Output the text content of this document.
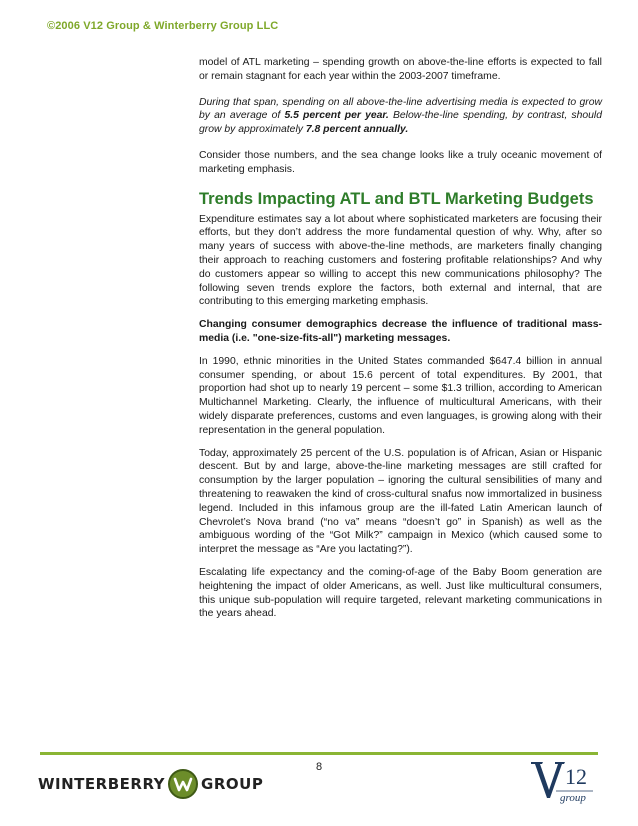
©2006 V12 Group & Winterberry Group LLC

model of ATL marketing – spending growth on above-the-line efforts is expected to fall or remain stagnant for each year within the 2003-2007 timeframe.

During that span, spending on all above-the-line advertising media is expected to grow by an average of 5.5 percent per year. Below-the-line spending, by contrast, should grow by approximately 7.8 percent annually.

Consider those numbers, and the sea change looks like a truly oceanic movement of marketing emphasis.

Trends Impacting ATL and BTL Marketing Budgets

Expenditure estimates say a lot about where sophisticated marketers are focusing their efforts, but they don’t address the more fundamental question of why. Why, after so many years of success with above-the-line methods, are marketers finally changing their approach to reaching customers and fostering profitable relationships? And why do customers appear so willing to accept this new communications philosophy? The following seven trends explore the factors, both external and internal, that are contributing to this emerging marketing emphasis.

Changing consumer demographics decrease the influence of traditional mass-media (i.e. "one-size-fits-all") marketing messages.

In 1990, ethnic minorities in the United States commanded $647.4 billion in annual consumer spending, or about 15.6 percent of total expenditures. By 2001, that proportion had shot up to nearly 19 percent – some $1.3 trillion, according to American Multichannel Marketing. Clearly, the influence of multicultural Americans, with their widely disparate preferences, customs and even languages, is growing along with their representation in the general population.

Today, approximately 25 percent of the U.S. population is of African, Asian or Hispanic descent. But by and large, above-the-line marketing messages are still crafted for consumption by the larger population – ignoring the cultural sensibilities of many and threatening to reawaken the kind of cross-cultural snafus now immortalized in business legend. Included in this infamous group are the ill-fated Latin American launch of Chevrolet’s Nova brand (“no va” means “doesn’t go” in Spanish) as well as the ambiguous wording of the “Got Milk?” campaign in Mexico (which caused some to interpret the message as “Are you lactating?”).

Escalating life expectancy and the coming-of-age of the Baby Boom generation are heightening the impact of older Americans, as well. Just like multicultural consumers, this unique sub-population will require targeted, relevant marketing communications in the years ahead.

8
WINTERBERRY GROUP	12
group
